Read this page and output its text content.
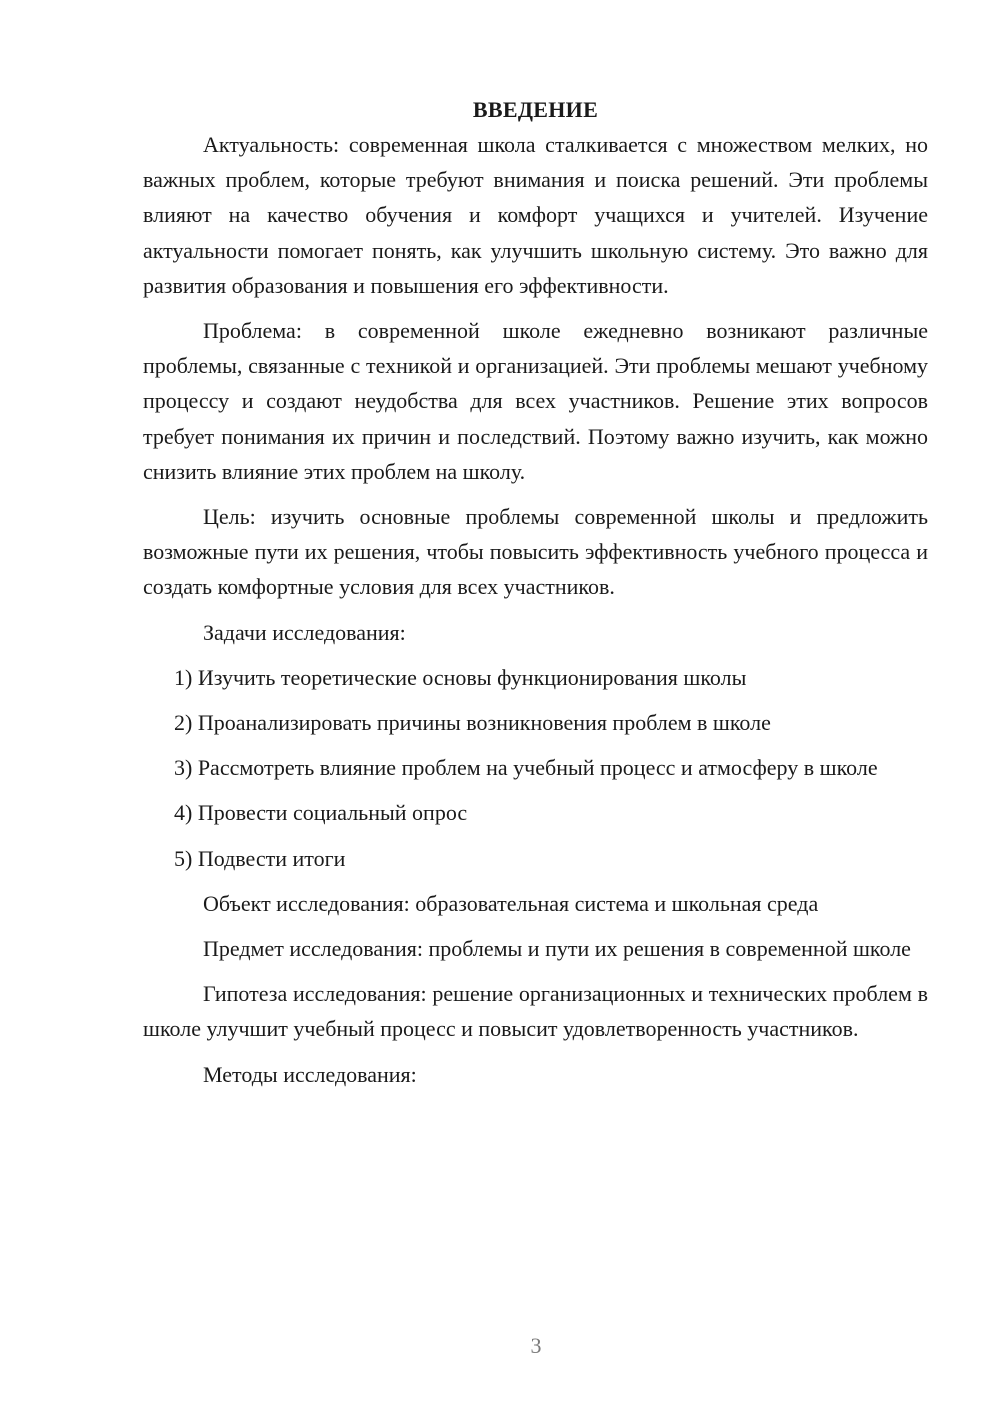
ВВЕДЕНИЕ

Актуальность: современная школа сталкивается с множеством мелких, но важных проблем, которые требуют внимания и поиска решений. Эти проблемы влияют на качество обучения и комфорт учащихся и учителей. Изучение актуальности помогает понять, как улучшить школьную систему. Это важно для развития образования и повышения его эффективности.

Проблема: в современной школе ежедневно возникают различные проблемы, связанные с техникой и организацией. Эти проблемы мешают учебному процессу и создают неудобства для всех участников. Решение этих вопросов требует понимания их причин и последствий. Поэтому важно изучить, как можно снизить влияние этих проблем на школу.

Цель: изучить основные проблемы современной школы и предложить возможные пути их решения, чтобы повысить эффективность учебного процесса и создать комфортные условия для всех участников.

Задачи исследования:

1) Изучить теоретические основы функционирования школы

2) Проанализировать причины возникновения проблем в школе

3) Рассмотреть влияние проблем на учебный процесс и атмосферу в школе

4) Провести социальный опрос

5) Подвести итоги

Объект исследования: образовательная система и школьная среда

Предмет исследования: проблемы и пути их решения в современной школе

Гипотеза исследования: решение организационных и технических проблем в школе улучшит учебный процесс и повысит удовлетворенность участников.

Методы исследования:

3
